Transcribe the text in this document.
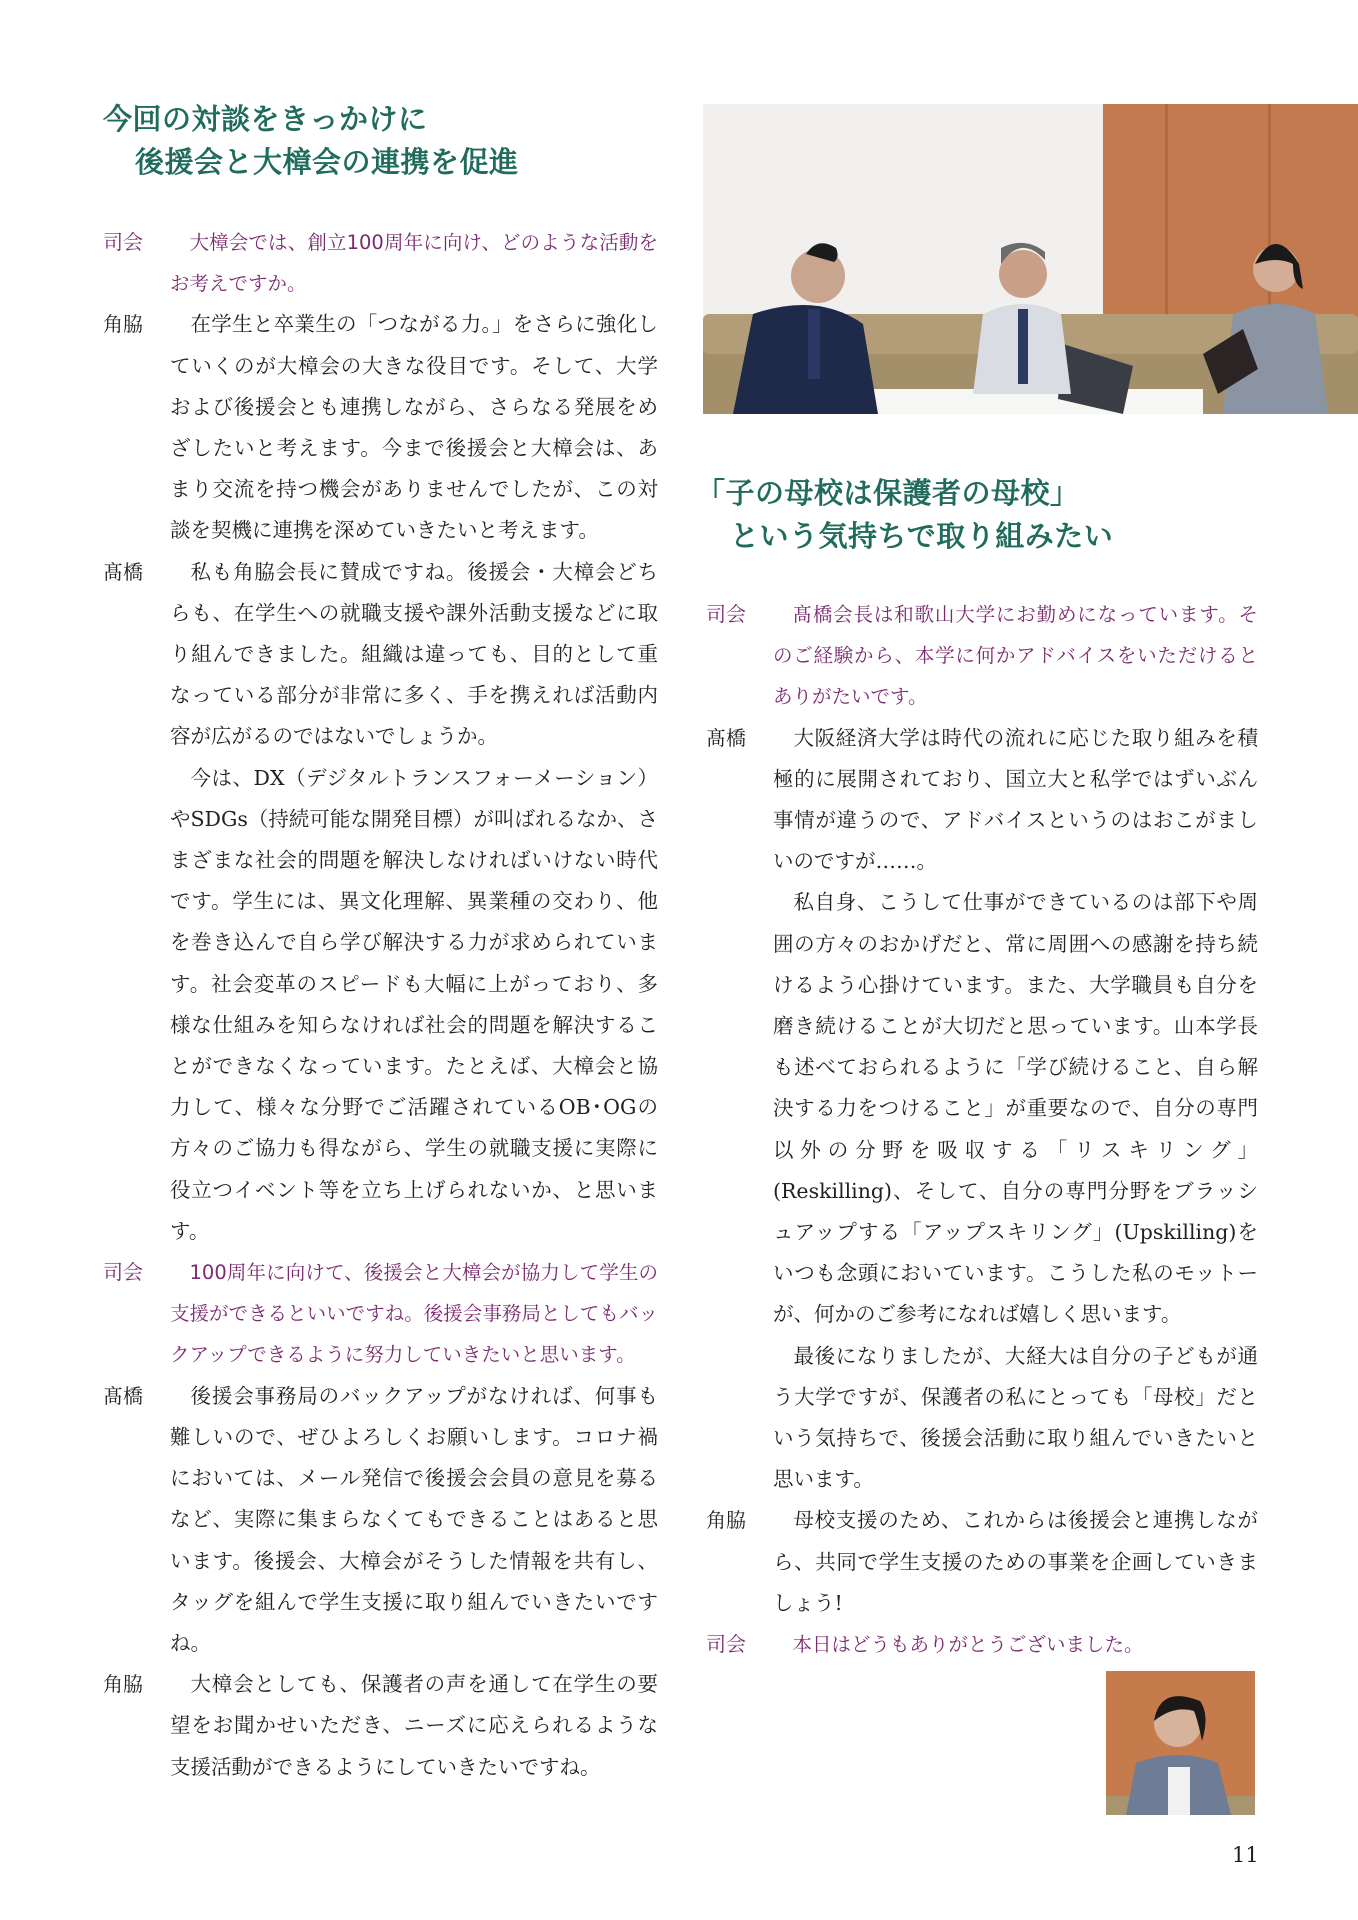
今回の対談をきっかけに
後援会と大樟会の連携を促進
司会	大樟会では、創立100周年に向け、どのような活動をお考えですか。

角脇	在学生と卒業生の「つながる力。」をさらに強化していくのが大樟会の大きな役目です。そして、大学および後援会とも連携しながら、さらなる発展をめざしたいと考えます。今まで後援会と大樟会は、あまり交流を持つ機会がありませんでしたが、この対談を契機に連携を深めていきたいと考えます。

髙橋	私も角脇会長に賛成ですね。後援会・大樟会どちらも、在学生への就職支援や課外活動支援などに取り組んできました。組織は違っても、目的として重なっている部分が非常に多く、手を携えれば活動内容が広がるのではないでしょうか。

今は、DX（デジタルトランスフォーメーション）やSDGs（持続可能な開発目標）が叫ばれるなか、さまざまな社会的問題を解決しなければいけない時代です。学生には、異文化理解、異業種の交わり、他を巻き込んで自ら学び解決する力が求められています。社会変革のスピードも大幅に上がっており、多様な仕組みを知らなければ社会的問題を解決することができなくなっています。たとえば、大樟会と協力して、様々な分野でご活躍されているOB･OGの方々のご協力も得ながら、学生の就職支援に実際に役立つイベント等を立ち上げられないか、と思います。

司会	100周年に向けて、後援会と大樟会が協力して学生の支援ができるといいですね。後援会事務局としてもバックアップできるように努力していきたいと思います。

髙橋	後援会事務局のバックアップがなければ、何事も難しいので、ぜひよろしくお願いします。コロナ禍においては、メール発信で後援会会員の意見を募るなど、実際に集まらなくてもできることはあると思います。後援会、大樟会がそうした情報を共有し、タッグを組んで学生支援に取り組んでいきたいですね。

角脇	大樟会としても、保護者の声を通して在学生の要望をお聞かせいただき、ニーズに応えられるような支援活動ができるようにしていきたいですね。

「子の母校は保護者の母校」
という気持ちで取り組みたい
司会	髙橋会長は和歌山大学にお勤めになっています。そのご経験から、本学に何かアドバイスをいただけるとありがたいです。

髙橋	大阪経済大学は時代の流れに応じた取り組みを積極的に展開されており、国立大と私学ではずいぶん事情が違うので、アドバイスというのはおこがましいのですが……。

私自身、こうして仕事ができているのは部下や周囲の方々のおかげだと、常に周囲への感謝を持ち続けるよう心掛けています。また、大学職員も自分を磨き続けることが大切だと思っています。山本学長も述べておられるように「学び続けること、自ら解決する力をつけること」が重要なので、自分の専門以外の分野を吸収する「リスキリング」(Reskilling)、そして、自分の専門分野をブラッシュアップする「アップスキリング」(Upskilling)をいつも念頭においています。こうした私のモットーが、何かのご参考になれば嬉しく思います。

最後になりましたが、大経大は自分の子どもが通う大学ですが、保護者の私にとっても「母校」だという気持ちで、後援会活動に取り組んでいきたいと思います。

角脇	母校支援のため、これからは後援会と連携しながら、共同で学生支援のための事業を企画していきましょう!

司会	本日はどうもありがとうございました。

11
